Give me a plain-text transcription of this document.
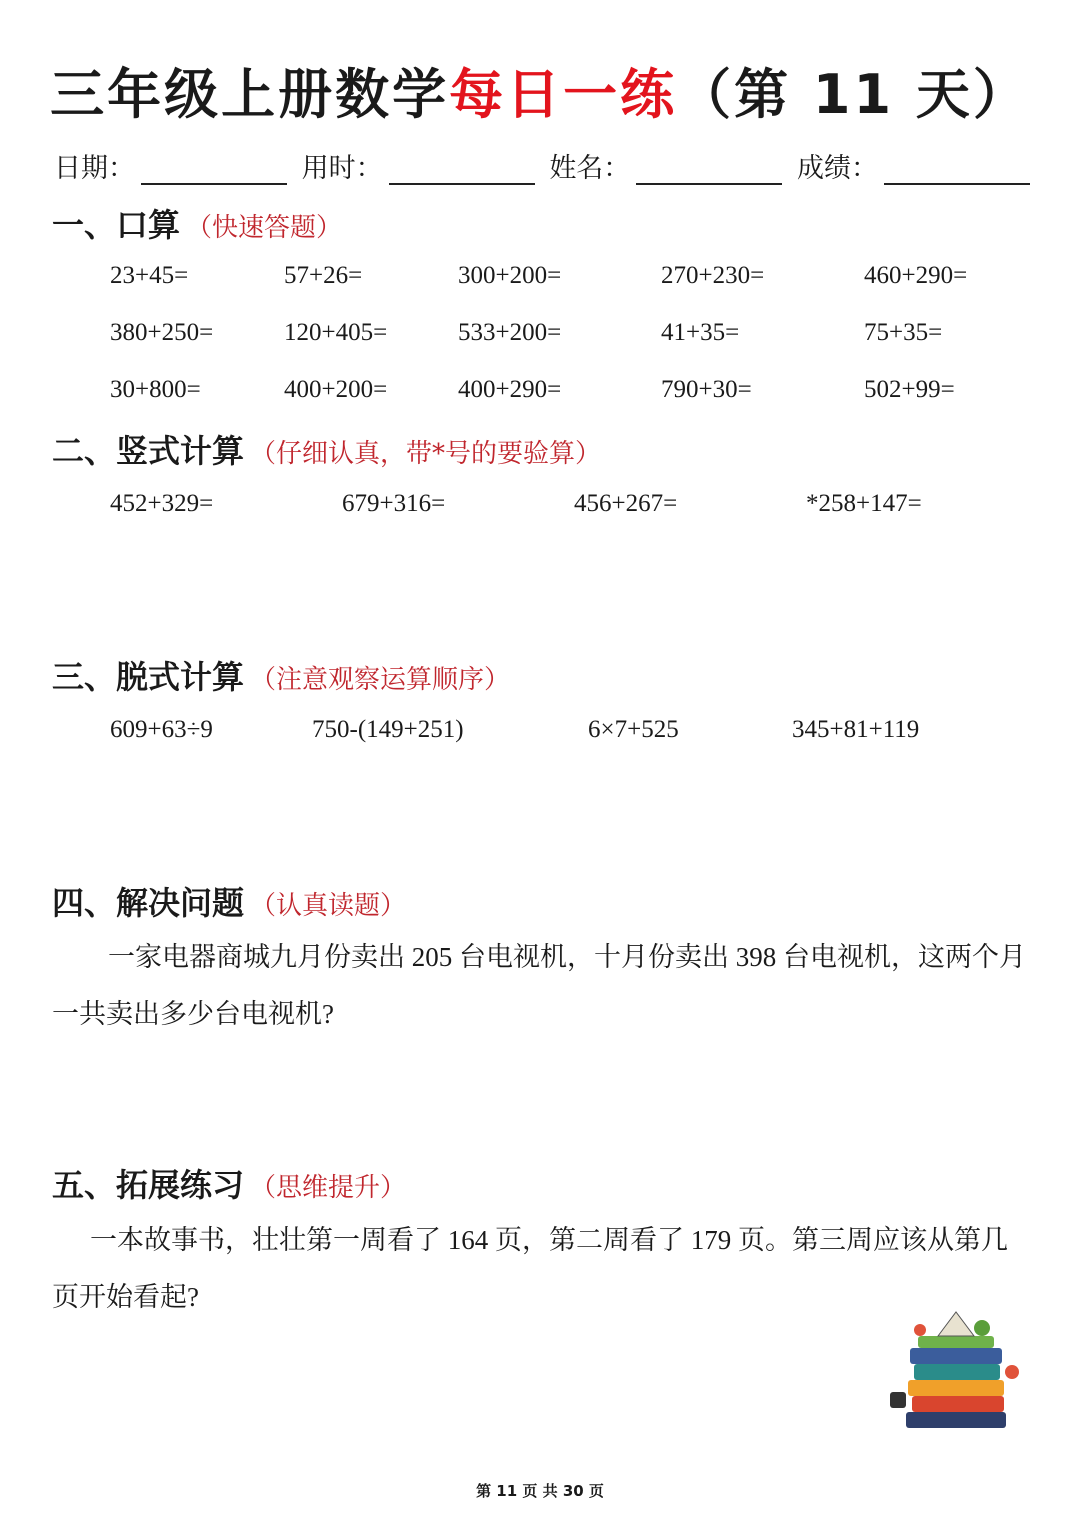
三年级上册数学每日一练（第 11 天）
日期：	用时：	姓名：	成绩：
一、口算 （快速答题）
23+45=	57+26=	300+200=	270+230=	460+290=
380+250=	120+405=	533+200=	41+35=	75+35=
30+800=	400+200=	400+290=	790+30=	502+99=
二、竖式计算 （仔细认真，带*号的要验算）
452+329=	679+316=	456+267=	*258+147=
三、脱式计算 （注意观察运算顺序）
609+63÷9	750-(149+251)	6×7+525	345+81+119
四、解决问题 （认真读题）
一家电器商城九月份卖出 205 台电视机，十月份卖出 398 台电视机，这两个月一共卖出多少台电视机?
五、拓展练习 （思维提升）
一本故事书，壮壮第一周看了 164 页，第二周看了 179 页。第三周应该从第几页开始看起?
第 11 页 共 30 页
